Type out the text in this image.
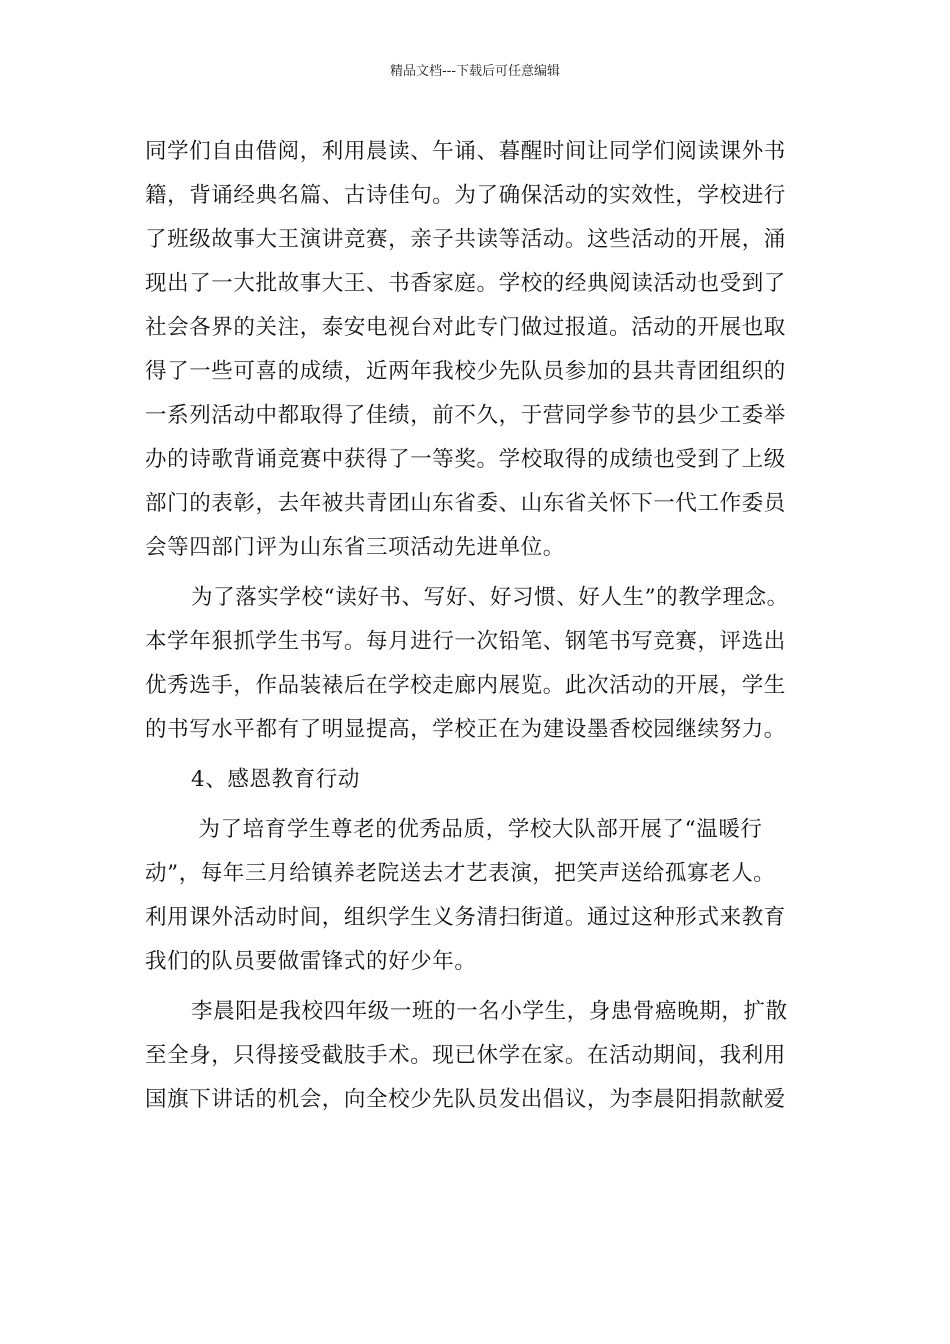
精品文档---下载后可任意编辑
同学们自由借阅，利用晨读、午诵、暮醒时间让同学们阅读课外书
籍，背诵经典名篇、古诗佳句。为了确保活动的实效性，学校进行
了班级故事大王演讲竞赛，亲子共读等活动。这些活动的开展，涌
现出了一大批故事大王、书香家庭。学校的经典阅读活动也受到了
社会各界的关注，泰安电视台对此专门做过报道。活动的开展也取
得了一些可喜的成绩，近两年我校少先队员参加的县共青团组织的
一系列活动中都取得了佳绩，前不久，于营同学参节的县少工委举
办的诗歌背诵竞赛中获得了一等奖。学校取得的成绩也受到了上级
部门的表彰，去年被共青团山东省委、山东省关怀下一代工作委员
会等四部门评为山东省三项活动先进单位。
为了落实学校“读好书、写好、好习惯、好人生”的教学理念。
本学年狠抓学生书写。每月进行一次铅笔、钢笔书写竞赛，评选出
优秀选手，作品装裱后在学校走廊内展览。此次活动的开展，学生
的书写水平都有了明显提高，学校正在为建设墨香校园继续努力。
4、感恩教育行动
为了培育学生尊老的优秀品质，学校大队部开展了“温暖行
动”，每年三月给镇养老院送去才艺表演，把笑声送给孤寡老人。
利用课外活动时间，组织学生义务清扫街道。通过这种形式来教育
我们的队员要做雷锋式的好少年。
李晨阳是我校四年级一班的一名小学生，身患骨癌晚期，扩散
至全身，只得接受截肢手术。现已休学在家。在活动期间，我利用
国旗下讲话的机会，向全校少先队员发出倡议，为李晨阳捐款献爱
